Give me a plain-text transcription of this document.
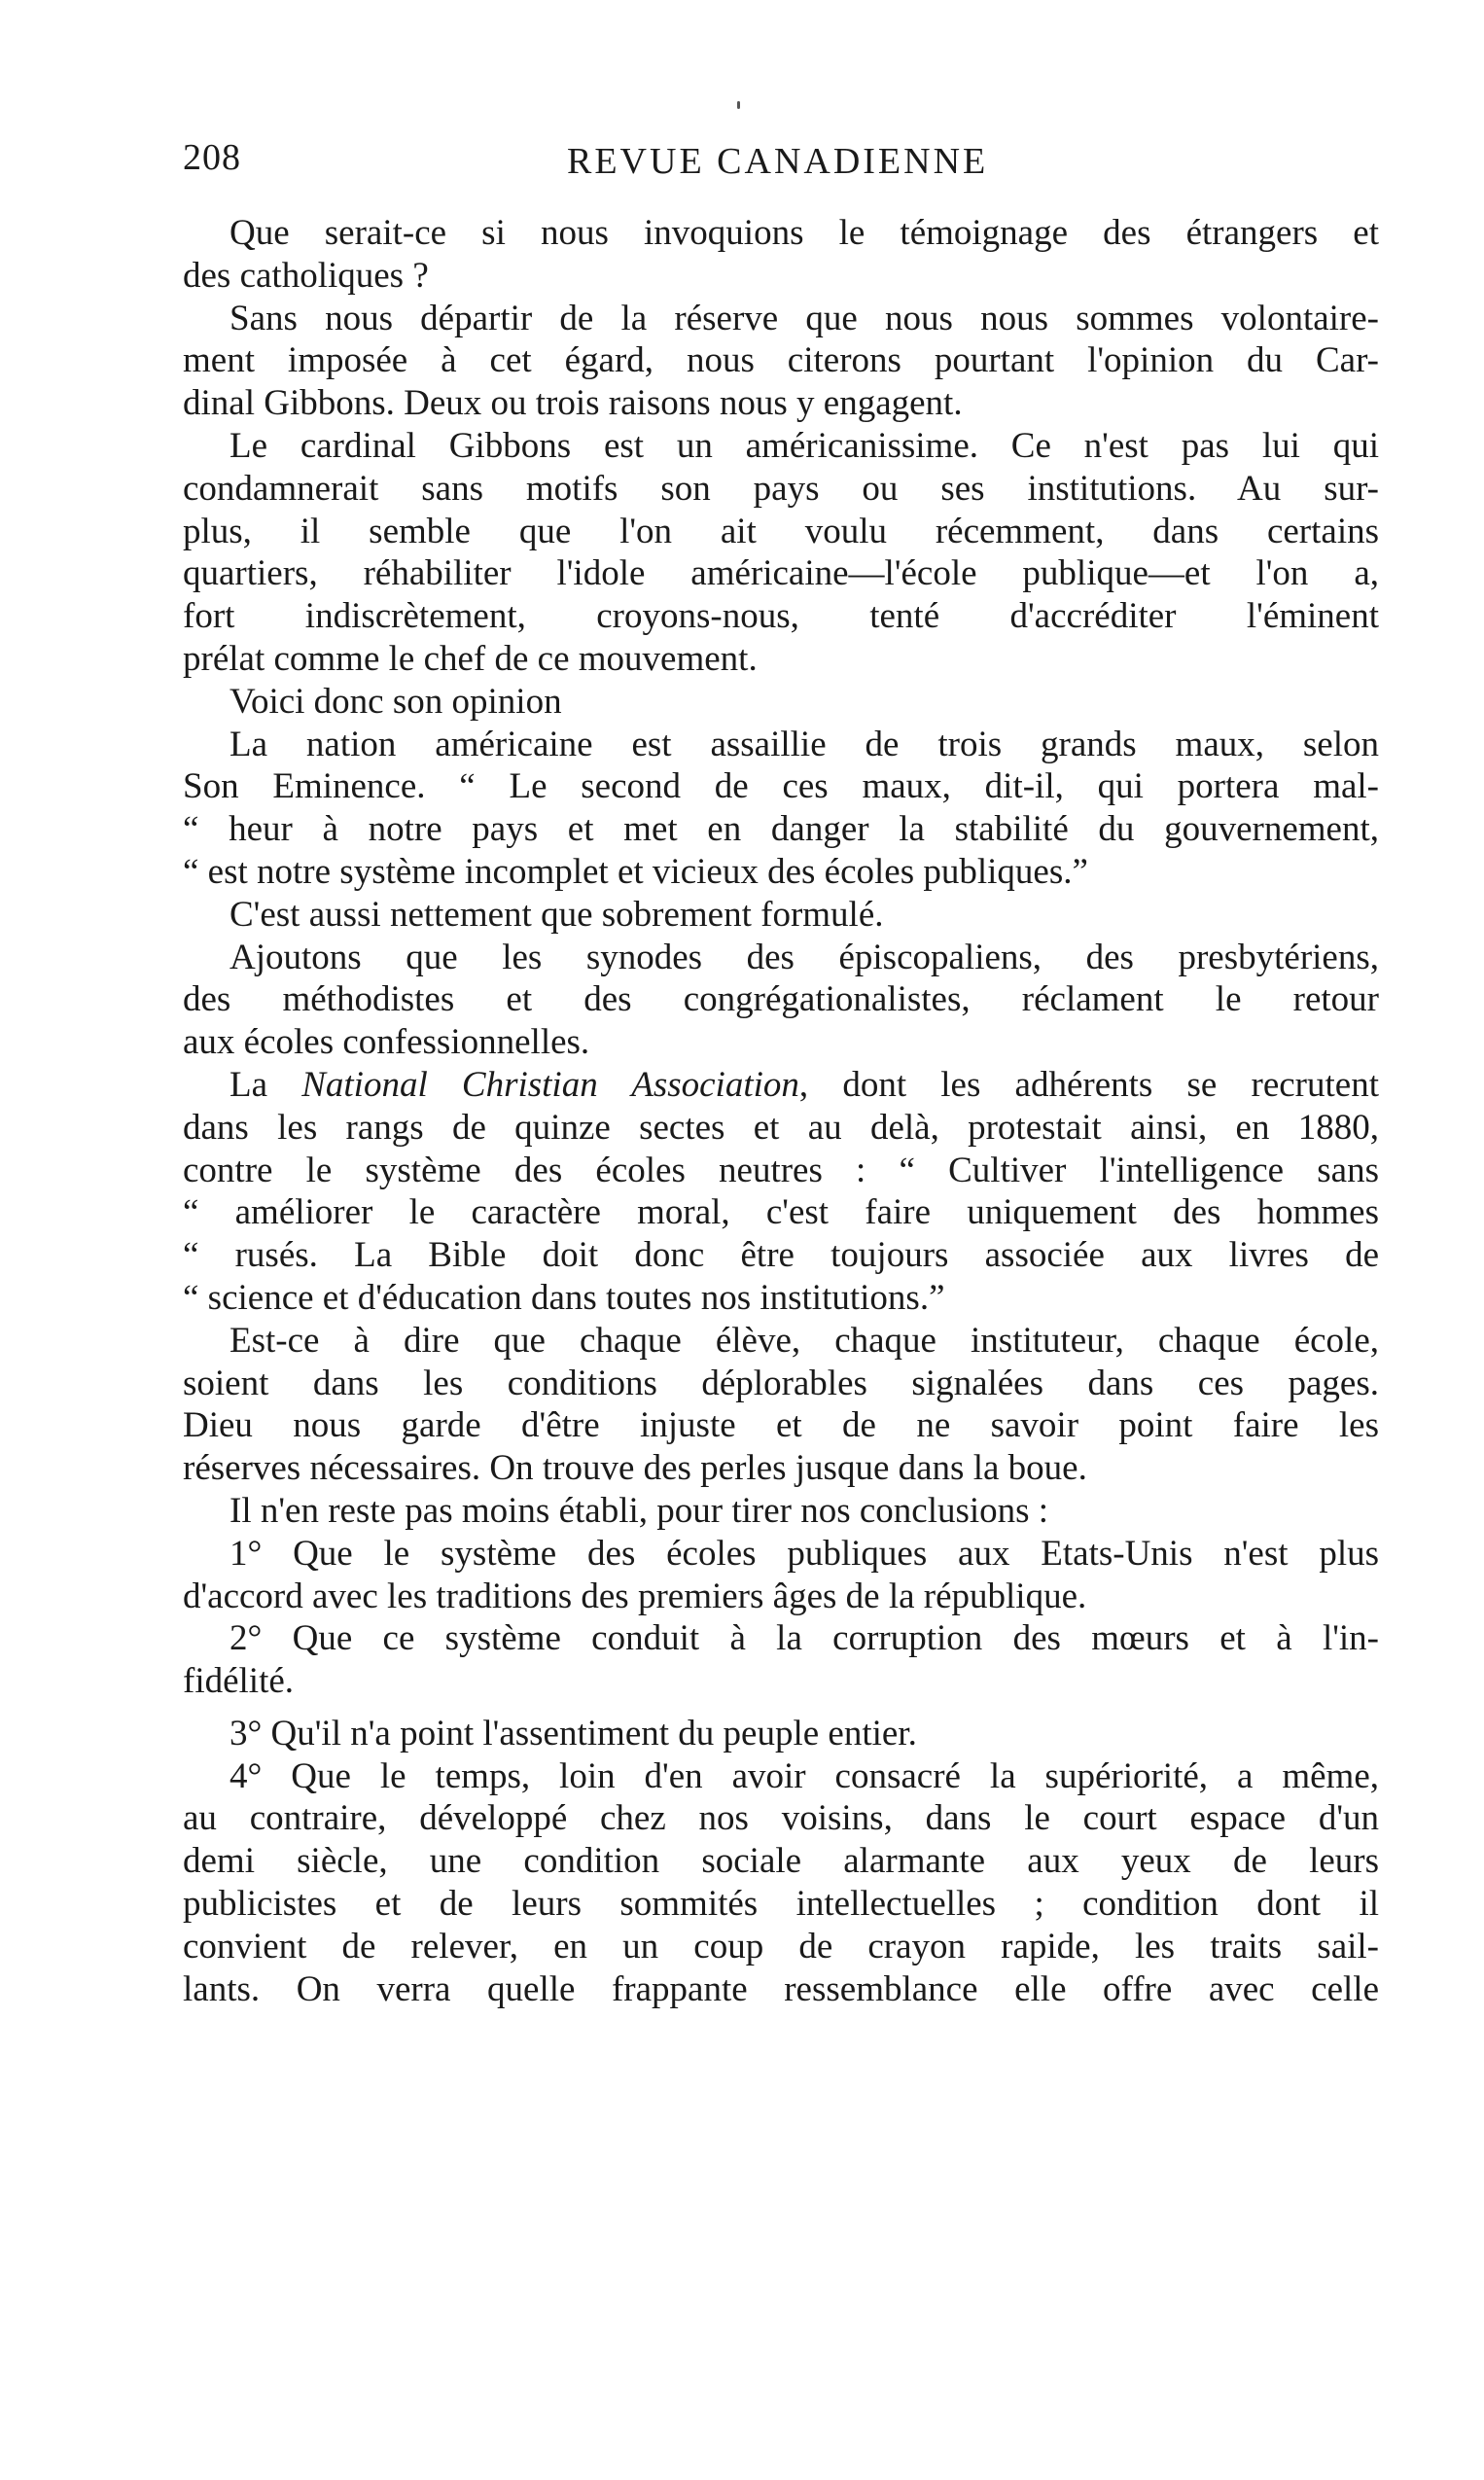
208	REVUE CANADIENNE
Que serait-ce si nous invoquions le témoignage des étrangers et
des catholiques ?
Sans nous départir de la réserve que nous nous sommes volontaire-
ment imposée à cet égard, nous citerons pourtant l'opinion du Car-
dinal Gibbons. Deux ou trois raisons nous y engagent.
Le cardinal Gibbons est un américanissime. Ce n'est pas lui qui
condamnerait sans motifs son pays ou ses institutions. Au sur-
plus, il semble que l'on ait voulu récemment, dans certains
quartiers, réhabiliter l'idole américaine—l'école publique—et l'on a,
fort indiscrètement, croyons-nous, tenté d'accréditer l'éminent
prélat comme le chef de ce mouvement.
Voici donc son opinion
La nation américaine est assaillie de trois grands maux, selon
Son Eminence. “ Le second de ces maux, dit-il, qui portera mal-
“ heur à notre pays et met en danger la stabilité du gouvernement,
“ est notre système incomplet et vicieux des écoles publiques.”
C'est aussi nettement que sobrement formulé.
Ajoutons que les synodes des épiscopaliens, des presbytériens,
des méthodistes et des congrégationalistes, réclament le retour
aux écoles confessionnelles.
La National Christian Association, dont les adhérents se recrutent
dans les rangs de quinze sectes et au delà, protestait ainsi, en 1880,
contre le système des écoles neutres : “ Cultiver l'intelligence sans
“ améliorer le caractère moral, c'est faire uniquement des hommes
“ rusés. La Bible doit donc être toujours associée aux livres de
“ science et d'éducation dans toutes nos institutions.”
Est-ce à dire que chaque élève, chaque instituteur, chaque école,
soient dans les conditions déplorables signalées dans ces pages.
Dieu nous garde d'être injuste et de ne savoir point faire les
réserves nécessaires. On trouve des perles jusque dans la boue.
Il n'en reste pas moins établi, pour tirer nos conclusions :
1° Que le système des écoles publiques aux Etats-Unis n'est plus
d'accord avec les traditions des premiers âges de la république.
2° Que ce système conduit à la corruption des mœurs et à l'in-
fidélité.
3° Qu'il n'a point l'assentiment du peuple entier.
4° Que le temps, loin d'en avoir consacré la supériorité, a même,
au contraire, développé chez nos voisins, dans le court espace d'un
demi siècle, une condition sociale alarmante aux yeux de leurs
publicistes et de leurs sommités intellectuelles ; condition dont il
convient de relever, en un coup de crayon rapide, les traits sail-
lants. On verra quelle frappante ressemblance elle offre avec celle
